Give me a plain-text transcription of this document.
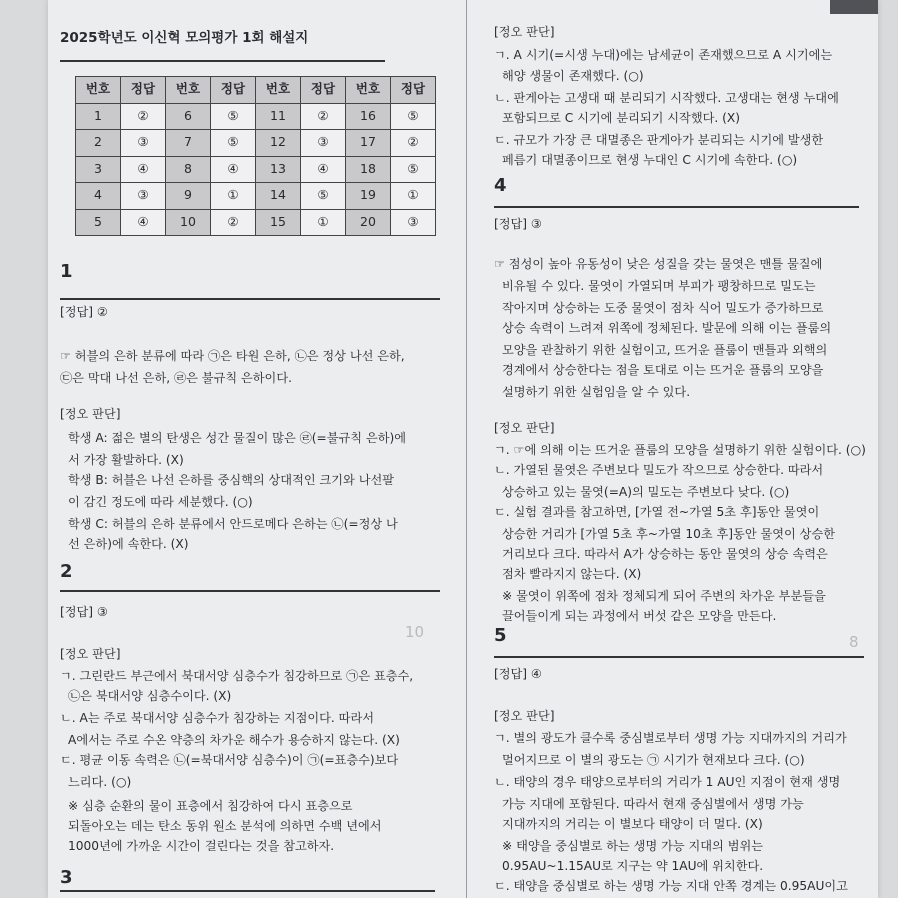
2025학년도 이신혁 모의평가 1회 해설지
번호	정답	번호	정답	번호	정답	번호	정답
1	②	6	⑤	11	②	16	⑤
2	③	7	⑤	12	③	17	②
3	④	8	④	13	④	18	⑤
4	③	9	①	14	⑤	19	①
5	④	10	②	15	①	20	③
1
[정답] ②
☞ 허블의 은하 분류에 따라 ㉠은 타원 은하, ㉡은 정상 나선 은하,
㉢은 막대 나선 은하, ㉣은 불규칙 은하이다.
[정오 판단]
학생 A: 젊은 별의 탄생은 성간 물질이 많은 ㉣(=불규칙 은하)에
서 가장 활발하다. (X)
학생 B: 허블은 나선 은하를 중심핵의 상대적인 크기와 나선팔
이 감긴 정도에 따라 세분했다. (○)
학생 C: 허블의 은하 분류에서 안드로메다 은하는 ㉡(=정상 나
선 은하)에 속한다. (X)
2
[정답] ③
10
[정오 판단]
ㄱ. 그린란드 부근에서 북대서양 심층수가 침강하므로 ㉠은 표층수,
㉡은 북대서양 심층수이다. (X)
ㄴ. A는 주로 북대서양 심층수가 침강하는 지점이다. 따라서
A에서는 주로 수온 약층의 차가운 해수가 용승하지 않는다. (X)
ㄷ. 평균 이동 속력은 ㉡(=북대서양 심층수)이 ㉠(=표층수)보다
느리다. (○)
※ 심층 순환의 물이 표층에서 침강하여 다시 표층으로
되돌아오는 데는 탄소 동위 원소 분석에 의하면 수백 년에서
1000년에 가까운 시간이 걸린다는 것을 참고하자.
3
[정오 판단]
ㄱ. A 시기(=시생 누대)에는 남세균이 존재했으므로 A 시기에는
해양 생물이 존재했다. (○)
ㄴ. 판게아는 고생대 때 분리되기 시작했다. 고생대는 현생 누대에
포함되므로 C 시기에 분리되기 시작했다. (X)
ㄷ. 규모가 가장 큰 대멸종은 판게아가 분리되는 시기에 발생한
페름기 대멸종이므로 현생 누대인 C 시기에 속한다. (○)
4
[정답] ③
☞ 점성이 높아 유동성이 낮은 성질을 갖는 물엿은 맨틀 물질에
비유될 수 있다. 물엿이 가열되며 부피가 팽창하므로 밀도는
작아지며 상승하는 도중 물엿이 점차 식어 밀도가 증가하므로
상승 속력이 느려져 위쪽에 정체된다. 발문에 의해 이는 플룸의
모양을 관찰하기 위한 실험이고, 뜨거운 플룸이 맨틀과 외핵의
경계에서 상승한다는 점을 토대로 이는 뜨거운 플룸의 모양을
설명하기 위한 실험임을 알 수 있다.
[정오 판단]
ㄱ. ☞에 의해 이는 뜨거운 플룸의 모양을 설명하기 위한 실험이다. (○)
ㄴ. 가열된 물엿은 주변보다 밀도가 작으므로 상승한다. 따라서
상승하고 있는 물엿(=A)의 밀도는 주변보다 낮다. (○)
ㄷ. 실험 결과를 참고하면, [가열 전~가열 5초 후]동안 물엿이
상승한 거리가 [가열 5초 후~가열 10초 후]동안 물엿이 상승한
거리보다 크다. 따라서 A가 상승하는 동안 물엿의 상승 속력은
점차 빨라지지 않는다. (X)
※ 물엿이 위쪽에 점차 정체되게 되어 주변의 차가운 부분들을
끌어들이게 되는 과정에서 버섯 같은 모양을 만든다.
5	8
[정답] ④
[정오 판단]
ㄱ. 별의 광도가 클수록 중심별로부터 생명 가능 지대까지의 거리가
멀어지므로 이 별의 광도는 ㉠ 시기가 현재보다 크다. (○)
ㄴ. 태양의 경우 태양으로부터의 거리가 1 AU인 지점이 현재 생명
가능 지대에 포함된다. 따라서 현재 중심별에서 생명 가능
지대까지의 거리는 이 별보다 태양이 더 멀다. (X)
※ 태양을 중심별로 하는 생명 가능 지대의 범위는
0.95AU~1.15AU로 지구는 약 1AU에 위치한다.
ㄷ. 태양을 중심별로 하는 생명 가능 지대 안쪽 경계는 0.95AU이고
